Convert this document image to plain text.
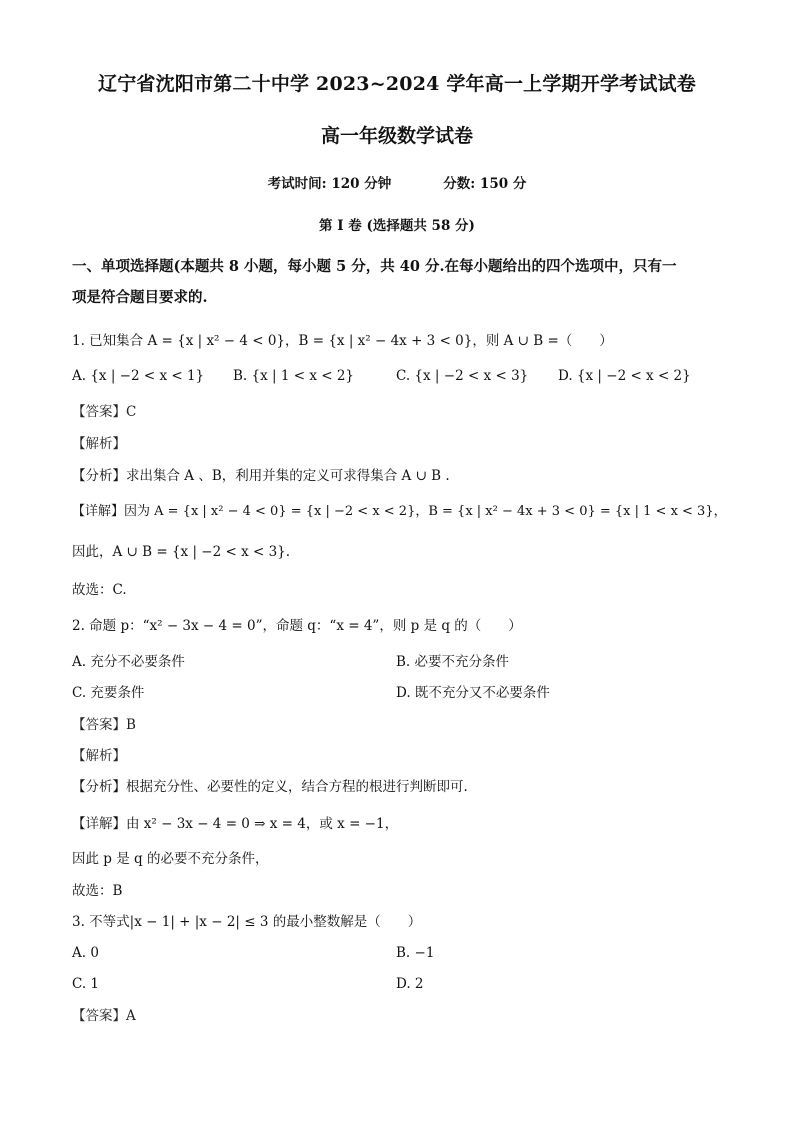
辽宁省沈阳市第二十中学 2023~2024 学年高一上学期开学考试试卷
高一年级数学试卷
考试时间: 120 分钟	分数: 150 分
第 I 卷 (选择题共 58 分)
一、单项选择题(本题共 8 小题，每小题 5 分，共 40 分.在每小题给出的四个选项中，只有一
项是符合题目要求的.
1. 已知集合 A = {x | x² − 4 < 0}，B = {x | x² − 4x + 3 < 0}，则 A ∪ B =（　　）
A. {x | −2 < x < 1} B. {x | 1 < x < 2}	C. {x | −2 < x < 3} D. {x | −2 < x < 2}
【答案】C
【解析】
【分析】求出集合 A 、B，利用并集的定义可求得集合 A ∪ B .
【详解】因为 A = {x | x² − 4 < 0} = {x | −2 < x < 2}，B = {x | x² − 4x + 3 < 0} = {x | 1 < x < 3}，
因此，A ∪ B = {x | −2 < x < 3}.
故选：C.
2. 命题 p：“x² − 3x − 4 = 0”，命题 q：“x = 4”，则 p 是 q 的（　　）
A. 充分不必要条件	B. 必要不充分条件
C. 充要条件	D. 既不充分又不必要条件
【答案】B
【解析】
【分析】根据充分性、必要性的定义，结合方程的根进行判断即可.
【详解】由 x² − 3x − 4 = 0 ⇒ x = 4，或 x = −1，
因此 p 是 q 的必要不充分条件，
故选：B
3. 不等式|x − 1| + |x − 2| ≤ 3 的最小整数解是（　　）
A. 0	B. −1
C. 1	D. 2
【答案】A
